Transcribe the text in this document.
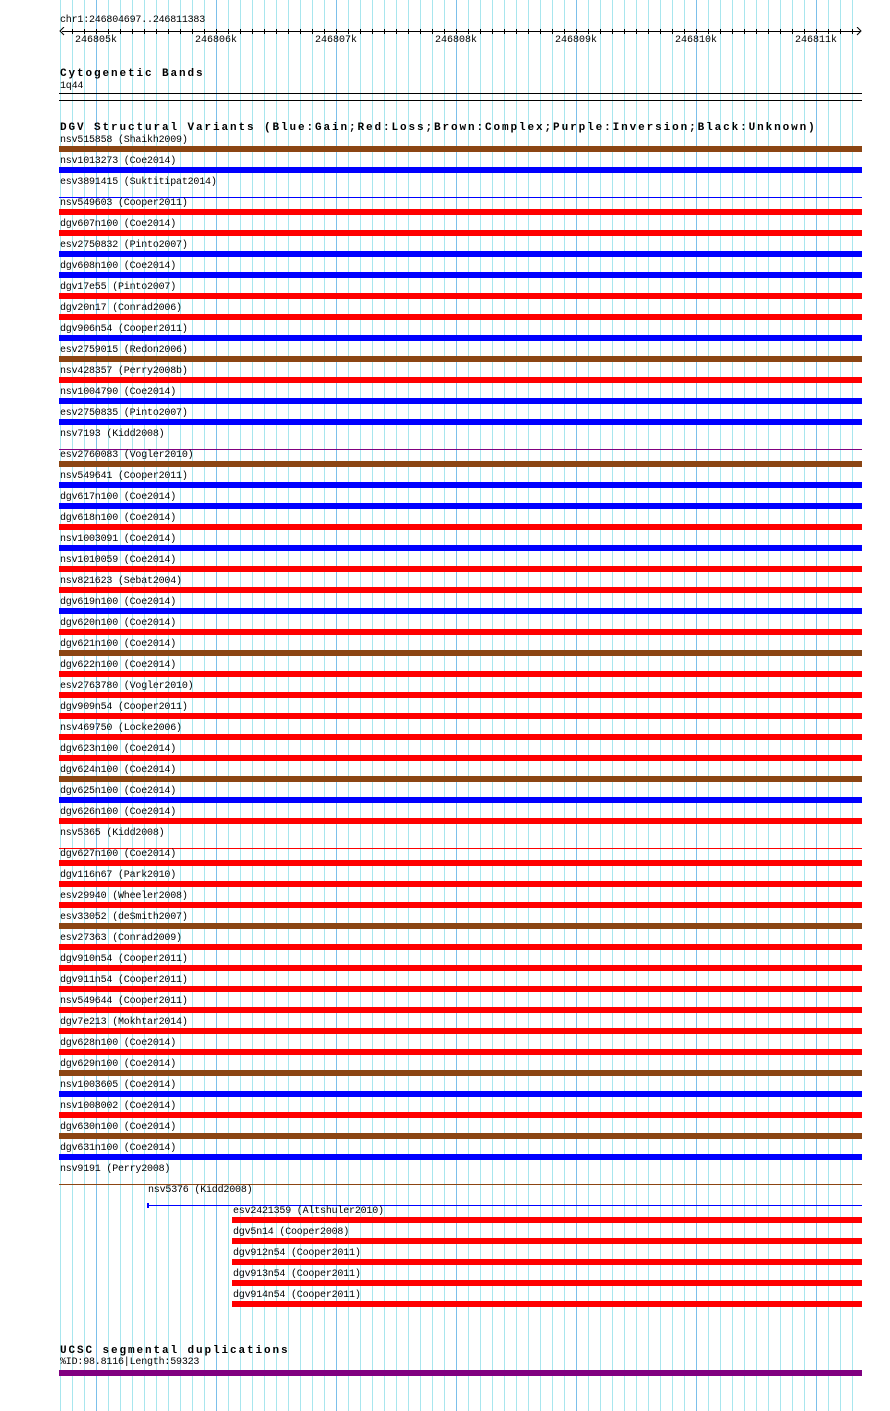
chr1:246804697..246811383
246805k	246806k	246807k	246808k	246809k	246810k	246811k
Cytogenetic Bands
1q44
DGV Structural Variants (Blue:Gain;Red:Loss;Brown:Complex;Purple:Inversion;Black:Unknown)
nsv515858 (Shaikh2009)
nsv1013273 (Coe2014)
esv3891415 (Suktitipat2014)
nsv549603 (Cooper2011)
dgv607n100 (Coe2014)
esv2750832 (Pinto2007)
dgv608n100 (Coe2014)
dgv17e55 (Pinto2007)
dgv20n17 (Conrad2006)
dgv906n54 (Cooper2011)
esv2759015 (Redon2006)
nsv428357 (Perry2008b)
nsv1004790 (Coe2014)
esv2750835 (Pinto2007)
nsv7193 (Kidd2008)
esv2760083 (Vogler2010)
nsv549641 (Cooper2011)
dgv617n100 (Coe2014)
dgv618n100 (Coe2014)
nsv1003091 (Coe2014)
nsv1010059 (Coe2014)
nsv821623 (Sebat2004)
dgv619n100 (Coe2014)
dgv620n100 (Coe2014)
dgv621n100 (Coe2014)
dgv622n100 (Coe2014)
esv2763780 (Vogler2010)
dgv909n54 (Cooper2011)
nsv469750 (Locke2006)
dgv623n100 (Coe2014)
dgv624n100 (Coe2014)
dgv625n100 (Coe2014)
dgv626n100 (Coe2014)
nsv5365 (Kidd2008)
dgv627n100 (Coe2014)
dgv116n67 (Park2010)
esv29940 (Wheeler2008)
esv33052 (deSmith2007)
esv27363 (Conrad2009)
dgv910n54 (Cooper2011)
dgv911n54 (Cooper2011)
nsv549644 (Cooper2011)
dgv7e213 (Mokhtar2014)
dgv628n100 (Coe2014)
dgv629n100 (Coe2014)
nsv1003605 (Coe2014)
nsv1008002 (Coe2014)
dgv630n100 (Coe2014)
dgv631n100 (Coe2014)
nsv9191 (Perry2008)
nsv5376 (Kidd2008)
esv2421359 (Altshuler2010)
dgv5n14 (Cooper2008)
dgv912n54 (Cooper2011)
dgv913n54 (Cooper2011)
dgv914n54 (Cooper2011)
UCSC segmental duplications
%ID:98.8116|Length:59323
